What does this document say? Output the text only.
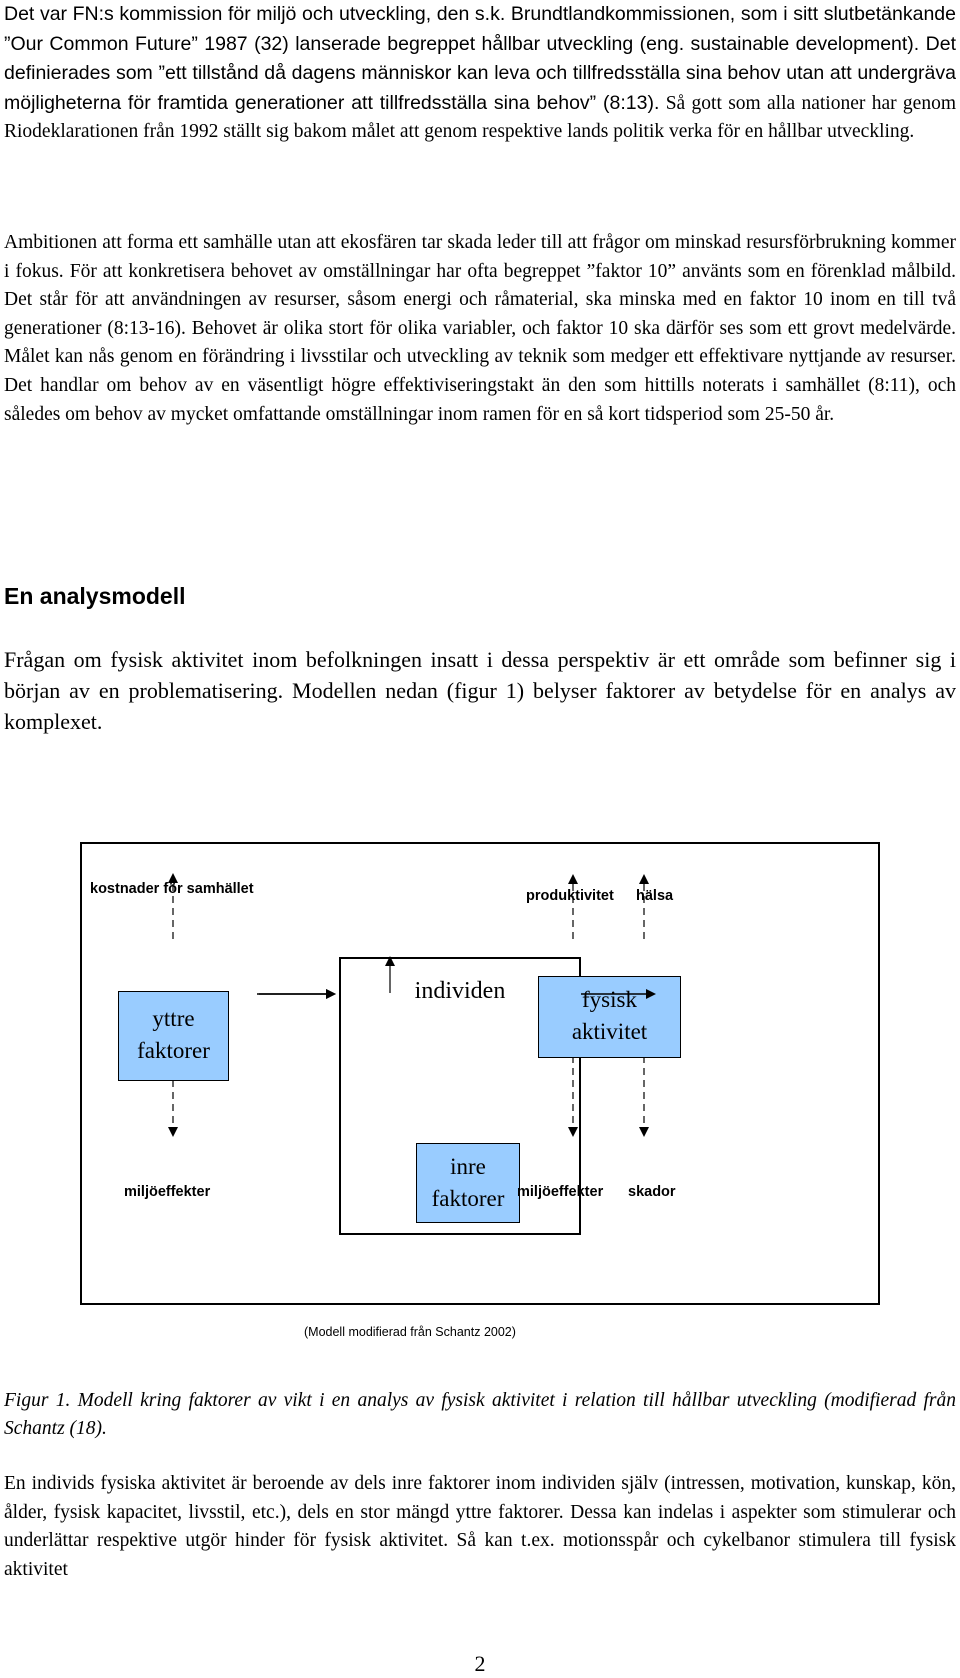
Det var FN:s kommission för miljö och utveckling, den s.k. Brundtlandkommissionen, som i sitt slutbetänkande ”Our Common Future” 1987 (32) lanserade begreppet hållbar utveckling (eng. sustainable development). Det definierades som ”ett tillstånd då dagens människor kan leva och tillfredsställa sina behov utan att undergräva möjligheterna för framtida generationer att tillfredsställa sina behov” (8:13). Så gott som alla nationer har genom Riodeklarationen från 1992 ställt sig bakom målet att genom respektive lands politik verka för en hållbar utveckling.

Ambitionen att forma ett samhälle utan att ekosfären tar skada leder till att frågor om minskad resursförbrukning kommer i fokus. För att konkretisera behovet av omställningar har ofta begreppet ”faktor 10” använts som en förenklad målbild. Det står för att användningen av resurser, såsom energi och råmaterial, ska minska med en faktor 10 inom en till två generationer (8:13-16). Behovet är olika stort för olika variabler, och faktor 10 ska därför ses som ett grovt medelvärde. Målet kan nås genom en förändring i livsstilar och utveckling av teknik som medger ett effektivare nyttjande av resurser. Det handlar om behov av en väsentligt högre effektiviseringstakt än den som hittills noterats i samhället (8:11), och således om behov av mycket omfattande omställningar inom ramen för en så kort tidsperiod som 25-50 år.

En analysmodell

Frågan om fysisk aktivitet inom befolkningen insatt i dessa perspektiv är ett område som befinner sig i början av en problematisering. Modellen nedan (figur 1) belyser faktorer av betydelse för en analys av komplexet.

kostnader för samhället	produktivitet hälsa
yttre
faktorer
individen
inre
faktorer
fysisk
aktivitet
miljöeffekter	miljöeffekter skador
(Modell modifierad från Schantz 2002)

Figur 1. Modell kring faktorer av vikt i en analys av fysisk aktivitet i relation till hållbar utveckling (modifierad från Schantz (18).

En individs fysiska aktivitet är beroende av dels inre faktorer inom individen själv (intressen, motivation, kunskap, kön, ålder, fysisk kapacitet, livsstil, etc.), dels en stor mängd yttre faktorer. Dessa kan indelas i aspekter som stimulerar och underlättar respektive utgör hinder för fysisk aktivitet. Så kan t.ex. motionsspår och cykelbanor stimulera till fysisk aktivitet

2
